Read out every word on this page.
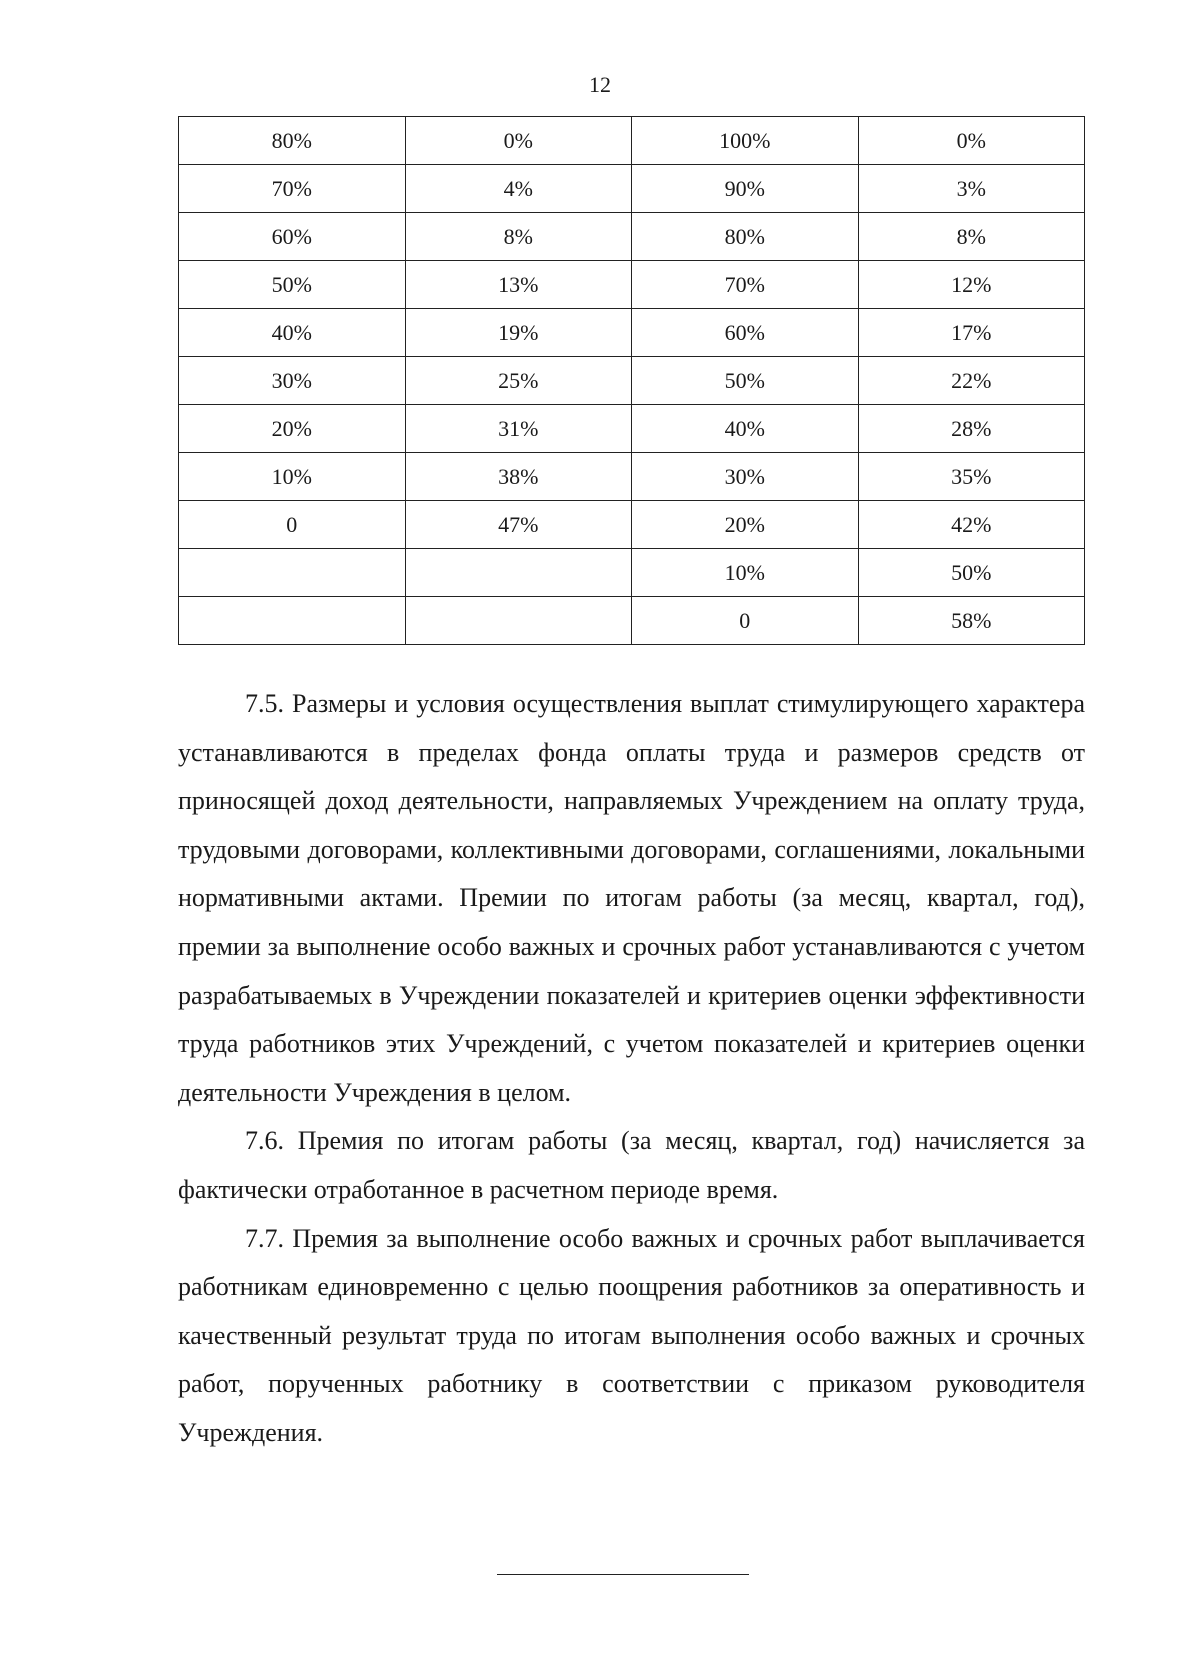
12
80%	0%	100%	0%
70%	4%	90%	3%
60%	8%	80%	8%
50%	13%	70%	12%
40%	19%	60%	17%
30%	25%	50%	22%
20%	31%	40%	28%
10%	38%	30%	35%
0	47%	20%	42%
		10%	50%
		0	58%

7.5. Размеры и условия осуществления выплат стимулирующего характера устанавливаются в пределах фонда оплаты труда и размеров средств от приносящей доход деятельности, направляемых Учреждением на оплату труда, трудовыми договорами, коллективными договорами, соглашениями, локальными нормативными актами. Премии по итогам работы (за месяц, квартал, год), премии за выполнение особо важных и срочных работ устанавливаются с учетом разрабатываемых в Учреждении показателей и критериев оценки эффективности труда работников этих Учреждений, с учетом показателей и критериев оценки деятельности Учреждения в целом.

7.6. Премия по итогам работы (за месяц, квартал, год) начисляется за фактически отработанное в расчетном периоде время.

7.7. Премия за выполнение особо важных и срочных работ выплачивается работникам единовременно с целью поощрения работников за оперативность и качественный результат труда по итогам выполнения особо важных и срочных работ, порученных работнику в соответствии с приказом руководителя Учреждения.
